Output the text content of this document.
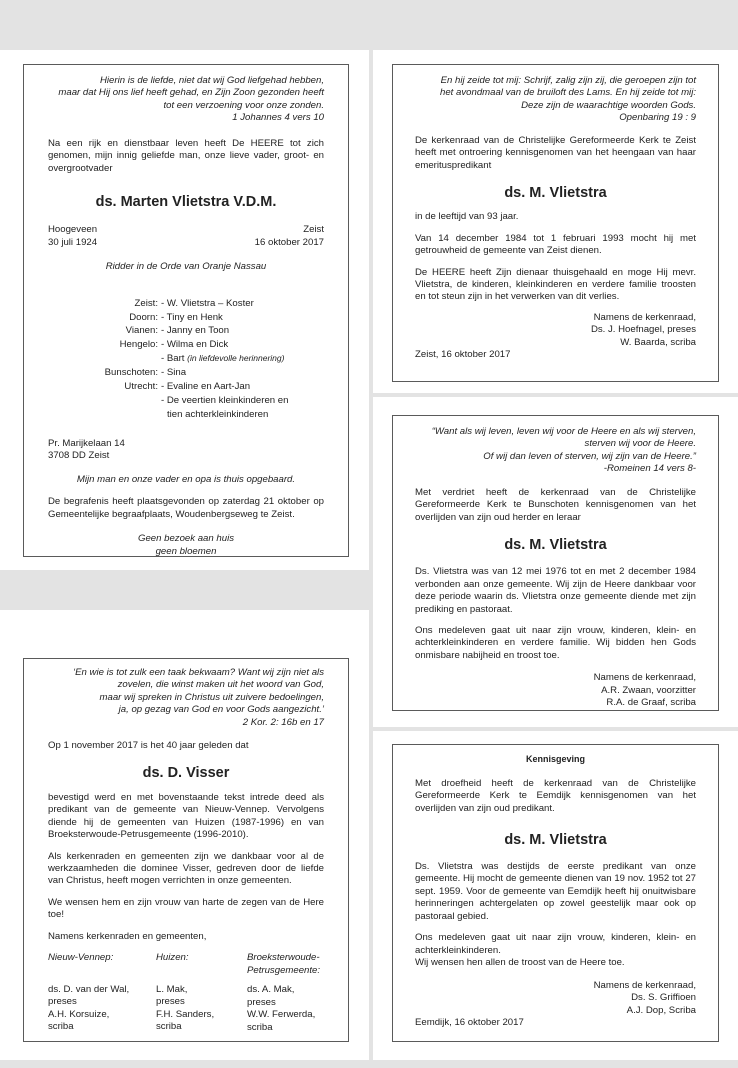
Hierin is de liefde, niet dat wij God liefgehad hebben,
maar dat Hij ons lief heeft gehad, en Zijn Zoon gezonden heeft
tot een verzoening voor onze zonden.
1 Johannes 4 vers 10

Na een rijk en dienstbaar leven heeft De HEERE tot zich genomen, mijn innig geliefde man, onze lieve vader, groot- en overgrootvader

ds. Marten Vlietstra V.D.M.
Hoogeveen
30 juli 1924
Zeist
16 oktober 2017
Ridder in de Orde van Oranje Nassau
Zeist: - W. Vlietstra – Koster
Doorn: - Tiny en Henk
Vianen: - Janny en Toon
Hengelo: - Wilma en Dick
- Bart (in liefdevolle herinnering)
Bunschoten: - Sina
Utrecht: - Evaline en Aart-Jan
- De veertien kleinkinderen en
tien achterkleinkinderen
Pr. Marijkelaan 14
3708 DD Zeist
Mijn man en onze vader en opa is thuis opgebaard.

De begrafenis heeft plaatsgevonden op zaterdag 21 oktober op Gemeentelijke begraafplaats, Woudenbergseweg te Zeist.

Geen bezoek aan huis
geen bloemen
En hij zeide tot mij: Schrijf, zalig zijn zij, die geroepen zijn tot
het avondmaal van de bruiloft des Lams. En hij zeide tot mij:
Deze zijn de waarachtige woorden Gods.
Openbaring 19 : 9

De kerkenraad van de Christelijke Gereformeerde Kerk te Zeist heeft met ontroering kennisgenomen van het heengaan van haar emerituspredikant

ds. M. Vlietstra

in de leeftijd van 93 jaar.

Van 14 december 1984 tot 1 februari 1993 mocht hij met getrouwheid de gemeente van Zeist dienen.

De HEERE heeft Zijn dienaar thuisgehaald en moge Hij mevr. Vlietstra, de kinderen, kleinkinderen en verdere familie troosten en tot steun zijn in het verwerken van dit verlies.

Namens de kerkenraad,
Ds. J. Hoefnagel, preses
W. Baarda, scriba
Zeist, 16 oktober 2017
“Want als wij leven, leven wij voor de Heere en als wij sterven,
sterven wij voor de Heere.
Of wij dan leven of sterven, wij zijn van de Heere.”
-Romeinen 14 vers 8-

Met verdriet heeft de kerkenraad van de Christelijke Gereformeerde Kerk te Bunschoten kennisgenomen van het overlijden van zijn oud herder en leraar

ds. M. Vlietstra

Ds. Vlietstra was van 12 mei 1976 tot en met 2 december 1984 verbonden aan onze gemeente. Wij zijn de Heere dankbaar voor deze periode waarin ds. Vlietstra onze gemeente diende met zijn prediking en pastoraat.

Ons medeleven gaat uit naar zijn vrouw, kinderen, klein- en achterkleinkinderen en verdere familie. Wij bidden hen Gods onmisbare nabijheid en troost toe.

Namens de kerkenraad,
A.R. Zwaan, voorzitter
R.A. de Graaf, scriba
‘En wie is tot zulk een taak bekwaam? Want wij zijn niet als
zovelen, die winst maken uit het woord van God,
maar wij spreken in Christus uit zuivere bedoelingen,
ja, op gezag van God en voor Gods aangezicht.’
2 Kor. 2: 16b en 17

Op 1 november 2017 is het 40 jaar geleden dat

ds. D. Visser

bevestigd werd en met bovenstaande tekst intrede deed als predikant van de gemeente van Nieuw-Vennep. Vervolgens diende hij de gemeenten van Huizen (1987-1996) en van Broeksterwoude-Petrusgemeente (1996-2010).

Als kerkenraden en gemeenten zijn we dankbaar voor al de werkzaamheden die dominee Visser, gedreven door de liefde van Christus, heeft mogen verrichten in onze gemeenten.

We wensen hem en zijn vrouw van harte de zegen van de Here toe!

Namens kerkenraden en gemeenten,

Nieuw-Vennep:
ds. D. van der Wal,
preses
A.H. Korsuize,
scriba
Huizen:
L. Mak,
preses
F.H. Sanders,
scriba
Broeksterwoude-
Petrusgemeente:
ds. A. Mak,
preses
W.W. Ferwerda,
scriba
Kennisgeving

Met droefheid heeft de kerkenraad van de Christelijke Gereformeerde Kerk te Eemdijk kennisgenomen van het overlijden van zijn oud predikant.

ds. M. Vlietstra

Ds. Vlietstra was destijds de eerste predikant van onze gemeente. Hij mocht de gemeente dienen van 19 nov. 1952 tot 27 sept. 1959. Voor de gemeente van Eemdijk heeft hij onuitwisbare herinneringen achtergelaten op zowel geestelijk maar ook op pastoraal gebied.

Ons medeleven gaat uit naar zijn vrouw, kinderen, klein- en achterkleinkinderen.

Wij wensen hen allen de troost van de Heere toe.

Namens de kerkenraad,
Ds. S. Griffioen
A.J. Dop, Scriba
Eemdijk, 16 oktober 2017
